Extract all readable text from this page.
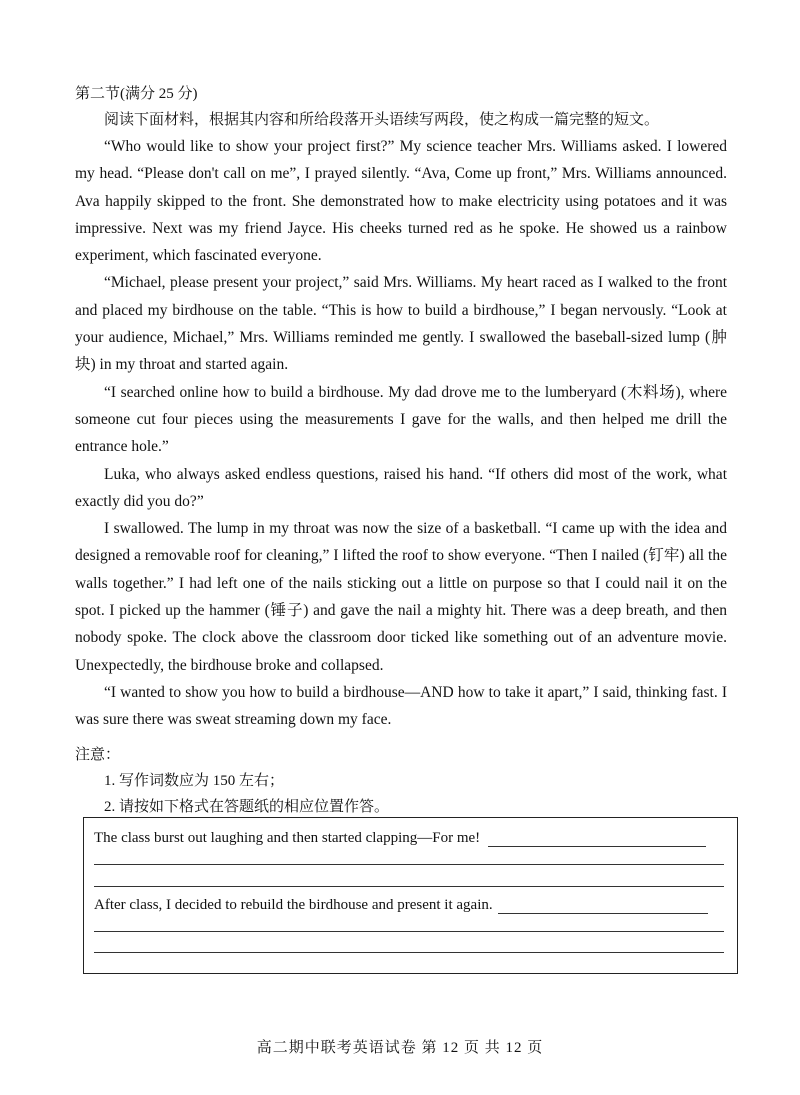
第二节(满分 25 分)
阅读下面材料，根据其内容和所给段落开头语续写两段，使之构成一篇完整的短文。

“Who would like to show your project first?” My science teacher Mrs. Williams asked. I lowered my head. “Please don't call on me”, I prayed silently. “Ava, Come up front,” Mrs. Williams announced. Ava happily skipped to the front. She demonstrated how to make electricity using potatoes and it was impressive. Next was my friend Jayce. His cheeks turned red as he spoke. He showed us a rainbow experiment, which fascinated everyone.

“Michael, please present your project,” said Mrs. Williams. My heart raced as I walked to the front and placed my birdhouse on the table. “This is how to build a birdhouse,” I began nervously. “Look at your audience, Michael,” Mrs. Williams reminded me gently. I swallowed the baseball-sized lump (肿块) in my throat and started again.

“I searched online how to build a birdhouse. My dad drove me to the lumberyard (木料场), where someone cut four pieces using the measurements I gave for the walls, and then helped me drill the entrance hole.”

Luka, who always asked endless questions, raised his hand. “If others did most of the work, what exactly did you do?”

I swallowed. The lump in my throat was now the size of a basketball. “I came up with the idea and designed a removable roof for cleaning,” I lifted the roof to show everyone. “Then I nailed (钉牢) all the walls together.” I had left one of the nails sticking out a little on purpose so that I could nail it on the spot. I picked up the hammer (锤子) and gave the nail a mighty hit. There was a deep breath, and then nobody spoke. The clock above the classroom door ticked like something out of an adventure movie. Unexpectedly, the birdhouse broke and collapsed.

“I wanted to show you how to build a birdhouse—AND how to take it apart,” I said, thinking fast. I was sure there was sweat streaming down my face.

注意：
1. 写作词数应为 150 左右；
2. 请按如下格式在答题纸的相应位置作答。
The class burst out laughing and then started clapping—For me!
After class, I decided to rebuild the birdhouse and present it again.
高二期中联考英语试卷 第 12 页 共 12 页
